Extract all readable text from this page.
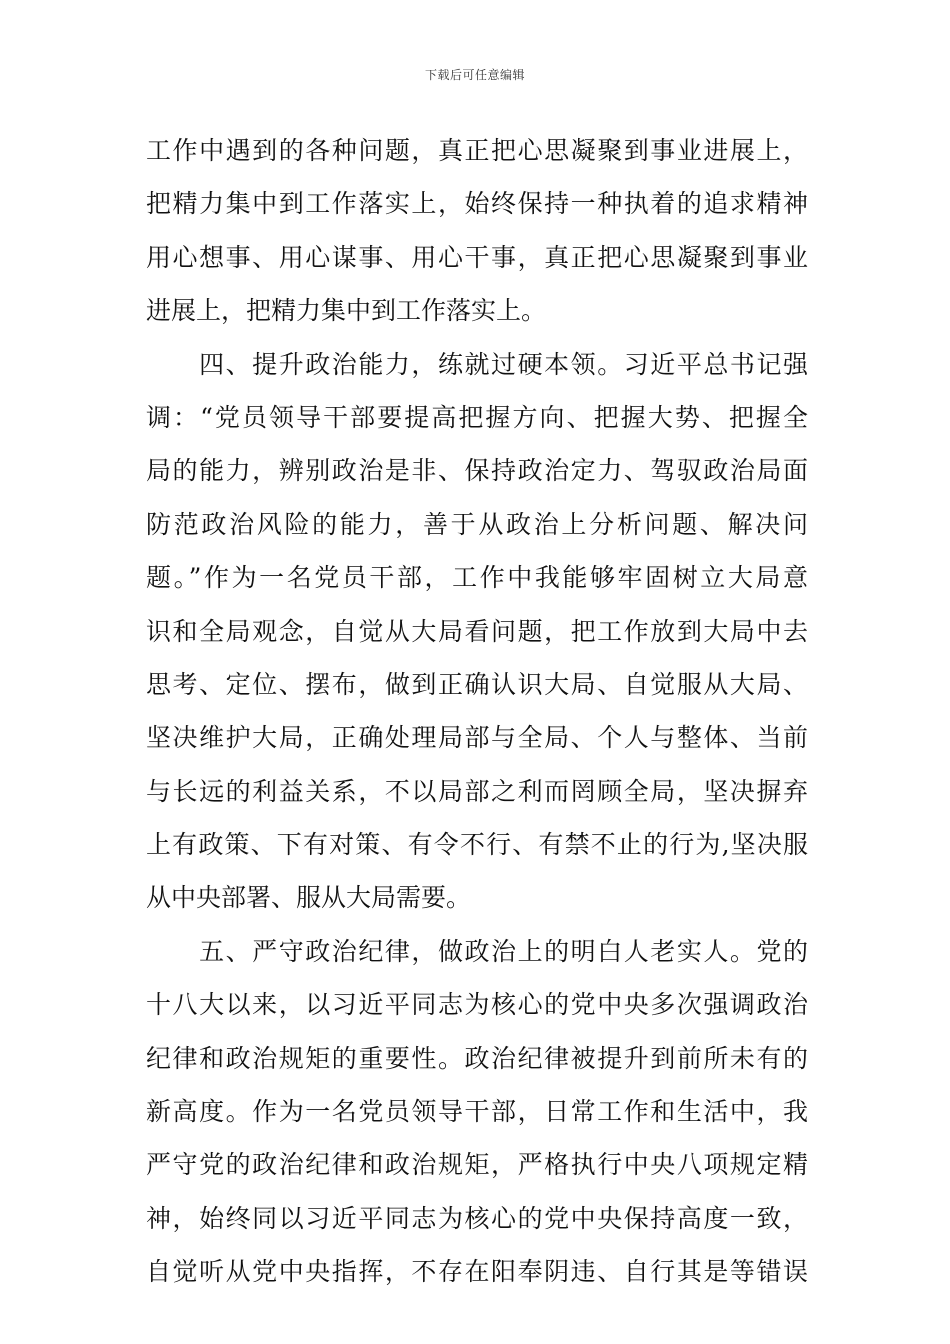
下载后可任意编辑
工作中遇到的各种问题，真正把心思凝聚到事业进展上，
把精力集中到工作落实上，始终保持一种执着的追求精神
用心想事、用心谋事、用心干事，真正把心思凝聚到事业
进展上，把精力集中到工作落实上。
　　四、提升政治能力，练就过硬本领。习近平总书记强
调：“党员领导干部要提高把握方向、把握大势、把握全
局的能力，辨别政治是非、保持政治定力、驾驭政治局面
防范政治风险的能力，善于从政治上分析问题、解决问
题。”作为一名党员干部，工作中我能够牢固树立大局意
识和全局观念，自觉从大局看问题，把工作放到大局中去
思考、定位、摆布，做到正确认识大局、自觉服从大局、
坚决维护大局，正确处理局部与全局、个人与整体、当前
与长远的利益关系，不以局部之利而罔顾全局，坚决摒弃
上有政策、下有对策、有令不行、有禁不止的行为,坚决服
从中央部署、服从大局需要。
　　五、严守政治纪律，做政治上的明白人老实人。党的
十八大以来，以习近平同志为核心的党中央多次强调政治
纪律和政治规矩的重要性。政治纪律被提升到前所未有的
新高度。作为一名党员领导干部，日常工作和生活中，我
严守党的政治纪律和政治规矩，严格执行中央八项规定精
神，始终同以习近平同志为核心的党中央保持高度一致，
自觉听从党中央指挥，不存在阳奉阴违、自行其是等错误
